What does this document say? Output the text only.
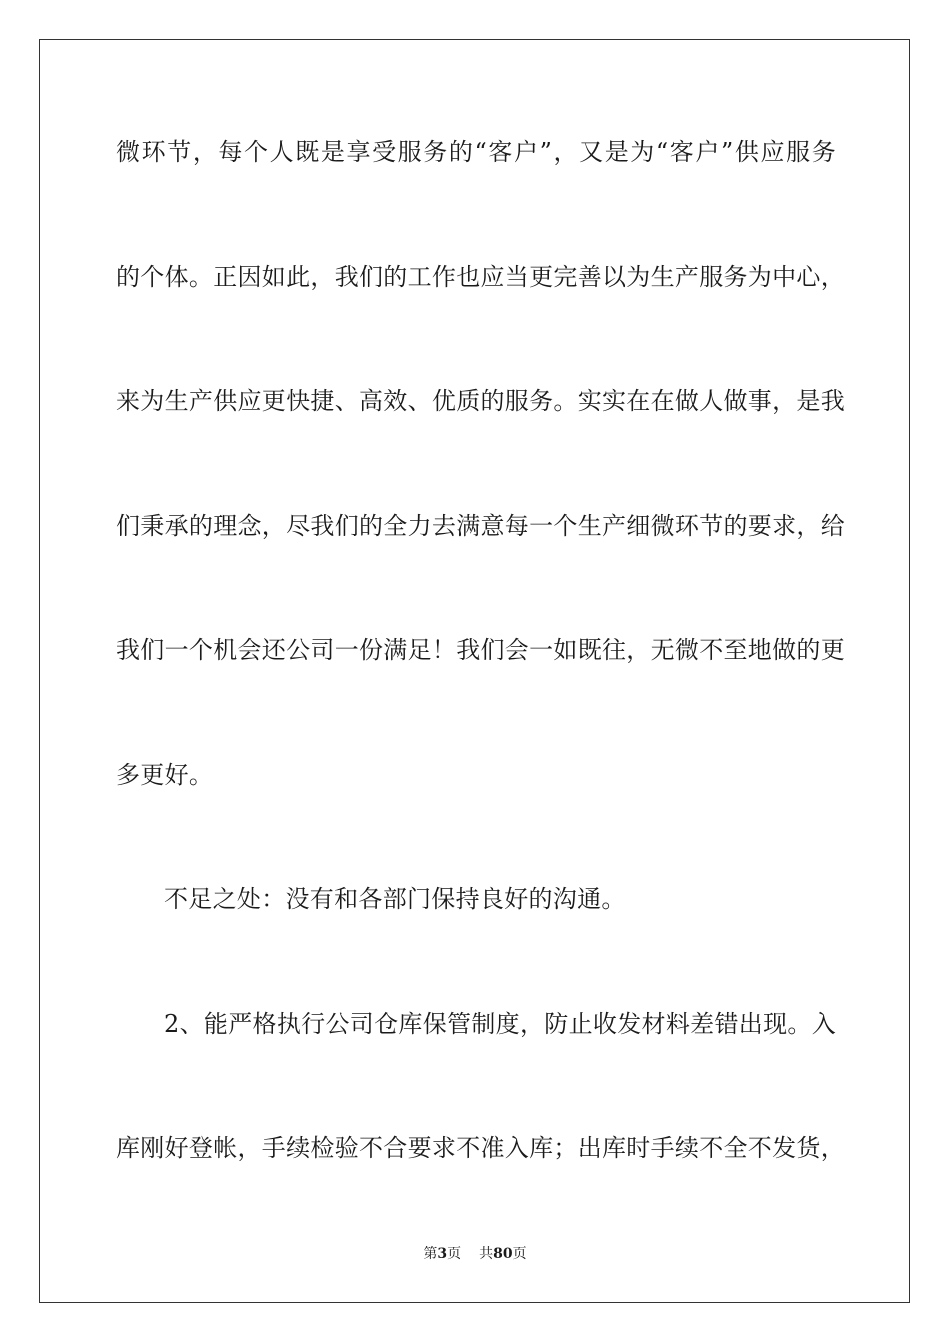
微环节，每个人既是享受服务的“客户”，又是为“客户”供应服务
的个体。正因如此，我们的工作也应当更完善以为生产服务为中心，
来为生产供应更快捷、高效、优质的服务。实实在在做人做事，是我
们秉承的理念，尽我们的全力去满意每一个生产细微环节的要求，给
我们一个机会还公司一份满足！我们会一如既往，无微不至地做的更
多更好。
不足之处：没有和各部门保持良好的沟通。
2、能严格执行公司仓库保管制度，防止收发材料差错出现。入
库刚好登帐，手续检验不合要求不准入库；出库时手续不全不发货，
第3页 共80页
